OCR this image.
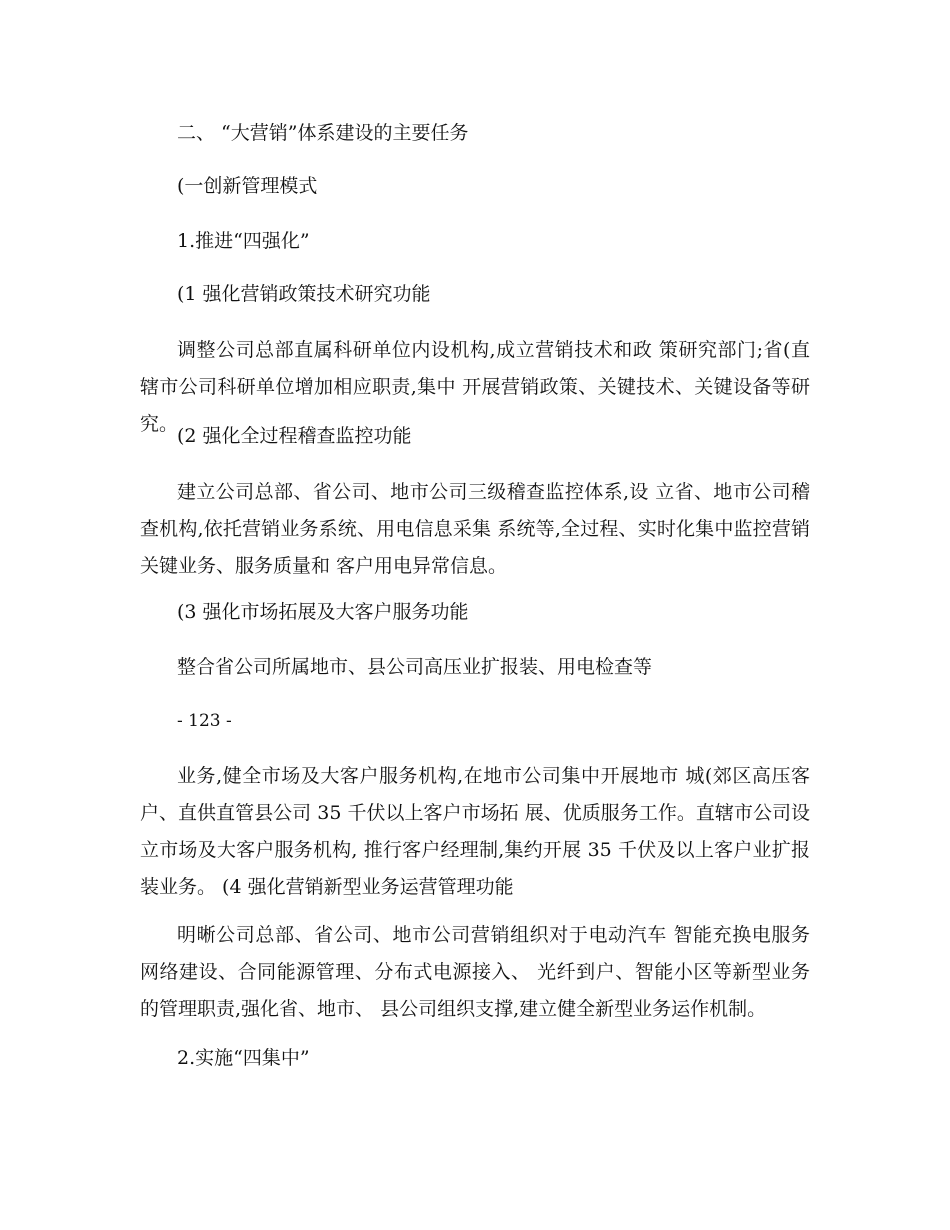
二、 “大营销”体系建设的主要任务
(一创新管理模式
1.推进“四强化”
(1 强化营销政策技术研究功能
调整公司总部直属科研单位内设机构,成立营销技术和政 策研究部门;省(直辖市公司科研单位增加相应职责,集中 开展营销政策、关键技术、关键设备等研究。
(2 强化全过程稽查监控功能
建立公司总部、省公司、地市公司三级稽查监控体系,设 立省、地市公司稽查机构,依托营销业务系统、用电信息采集 系统等,全过程、实时化集中监控营销关键业务、服务质量和 客户用电异常信息。
(3 强化市场拓展及大客户服务功能
整合省公司所属地市、县公司高压业扩报装、用电检查等
- 123 -
业务,健全市场及大客户服务机构,在地市公司集中开展地市 城(郊区高压客户、直供直管县公司 35 千伏以上客户市场拓 展、优质服务工作。直辖市公司设立市场及大客户服务机构, 推行客户经理制,集约开展 35 千伏及以上客户业扩报装业务。 (4 强化营销新型业务运营管理功能
明晰公司总部、省公司、地市公司营销组织对于电动汽车 智能充换电服务网络建设、合同能源管理、分布式电源接入、 光纤到户、智能小区等新型业务的管理职责,强化省、地市、 县公司组织支撑,建立健全新型业务运作机制。
2.实施“四集中”
